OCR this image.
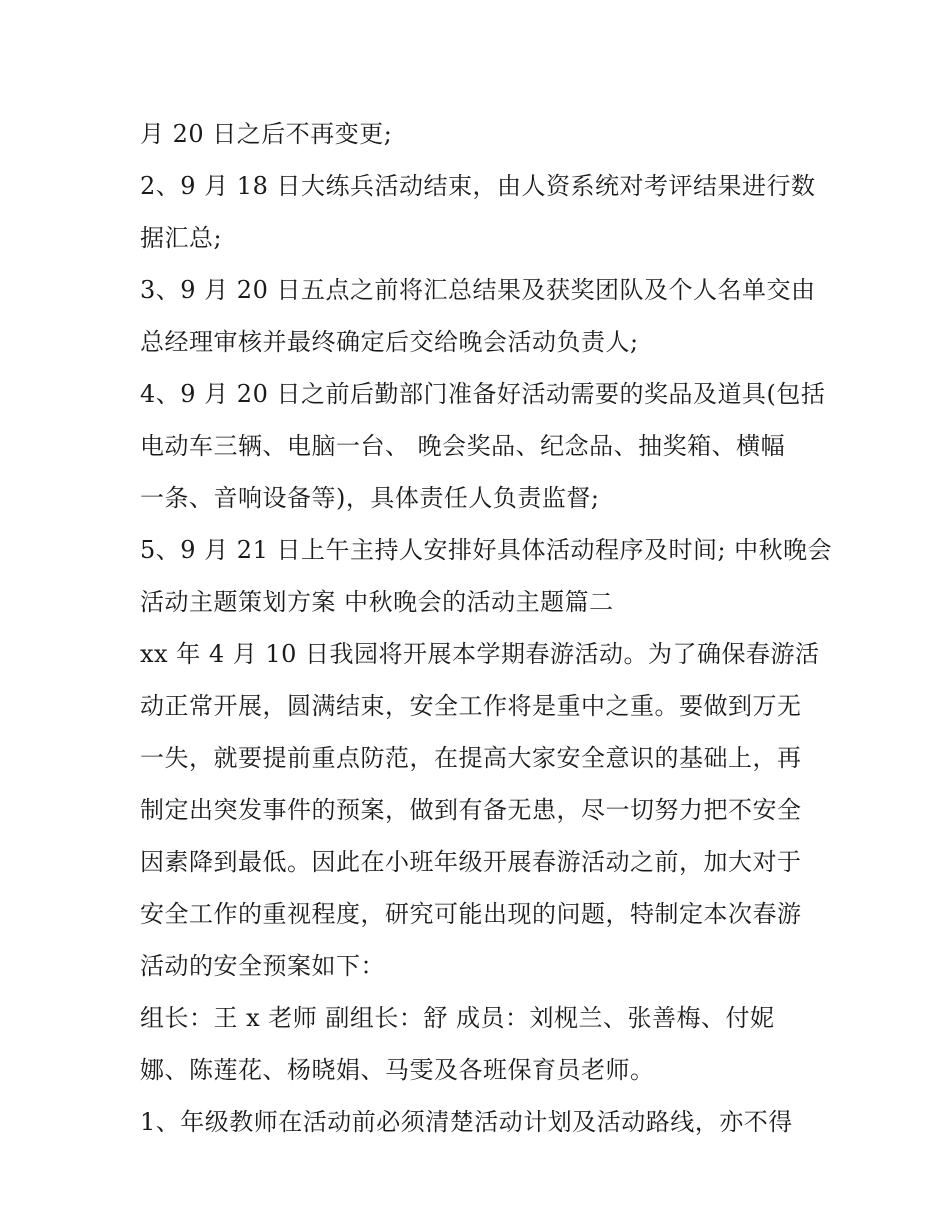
月 20 日之后不再变更;
2、9 月 18 日大练兵活动结束，由人资系统对考评结果进行数
据汇总;
3、9 月 20 日五点之前将汇总结果及获奖团队及个人名单交由
总经理审核并最终确定后交给晚会活动负责人;
4、9 月 20 日之前后勤部门准备好活动需要的奖品及道具(包括
电动车三辆、电脑一台、 晚会奖品、纪念品、抽奖箱、横幅
一条、音响设备等)，具体责任人负责监督;
5、9 月 21 日上午主持人安排好具体活动程序及时间; 中秋晚会
活动主题策划方案 中秋晚会的活动主题篇二
xx 年 4 月 10 日我园将开展本学期春游活动。为了确保春游活
动正常开展，圆满结束，安全工作将是重中之重。要做到万无
一失，就要提前重点防范，在提高大家安全意识的基础上，再
制定出突发事件的预案，做到有备无患，尽一切努力把不安全
因素降到最低。因此在小班年级开展春游活动之前，加大对于
安全工作的重视程度，研究可能出现的问题，特制定本次春游
活动的安全预案如下：
组长：王 x 老师 副组长：舒 成员：刘枧兰、张善梅、付妮
娜、陈莲花、杨晓娟、马雯及各班保育员老师。
1、年级教师在活动前必须清楚活动计划及活动路线，亦不得
